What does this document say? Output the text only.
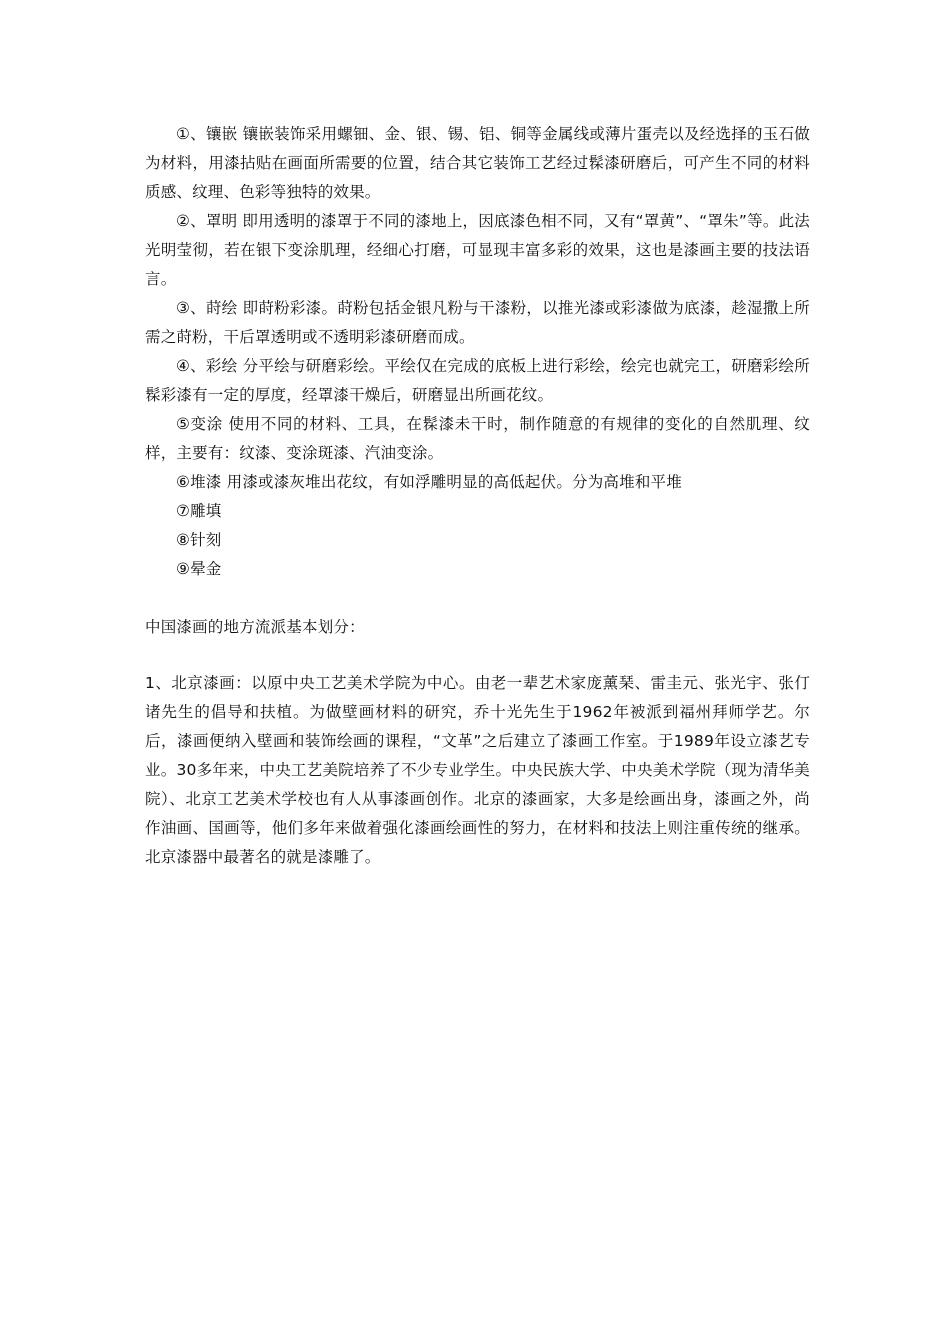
①、镶嵌 镶嵌装饰采用螺钿、金、银、锡、铝、铜等金属线或薄片蛋壳以及经选择的玉石做为材料，用漆拈贴在画面所需要的位置，结合其它装饰工艺经过髹漆研磨后，可产生不同的材料质感、纹理、色彩等独特的效果。

②、罩明 即用透明的漆罩于不同的漆地上，因底漆色相不同，又有“罩黄”、“罩朱”等。此法光明莹彻，若在银下变涂肌理，经细心打磨，可显现丰富多彩的效果，这也是漆画主要的技法语言。

③、莳绘 即莳粉彩漆。莳粉包括金银凡粉与干漆粉，以推光漆或彩漆做为底漆，趁湿撒上所需之莳粉，干后罩透明或不透明彩漆研磨而成。

④、彩绘 分平绘与研磨彩绘。平绘仅在完成的底板上进行彩绘，绘完也就完工，研磨彩绘所髹彩漆有一定的厚度，经罩漆干燥后，研磨显出所画花纹。

⑤变涂 使用不同的材料、工具，在髹漆未干时，制作随意的有规律的变化的自然肌理、纹样，主要有：纹漆、变涂斑漆、汽油变涂。

⑥堆漆 用漆或漆灰堆出花纹，有如浮雕明显的高低起伏。分为高堆和平堆

⑦雕填

⑧针刻

⑨晕金

中国漆画的地方流派基本划分：

1、北京漆画：以原中央工艺美术学院为中心。由老一辈艺术家庞薰琹、雷圭元、张光宇、张仃诸先生的倡导和扶植。为做壁画材料的研究，乔十光先生于1962年被派到福州拜师学艺。尔后，漆画便纳入壁画和装饰绘画的课程，“文革”之后建立了漆画工作室。于1989年设立漆艺专业。30多年来，中央工艺美院培养了不少专业学生。中央民族大学、中央美术学院（现为清华美院）、北京工艺美术学校也有人从事漆画创作。北京的漆画家，大多是绘画出身，漆画之外，尚作油画、国画等，他们多年来做着强化漆画绘画性的努力，在材料和技法上则注重传统的继承。北京漆器中最著名的就是漆雕了。
